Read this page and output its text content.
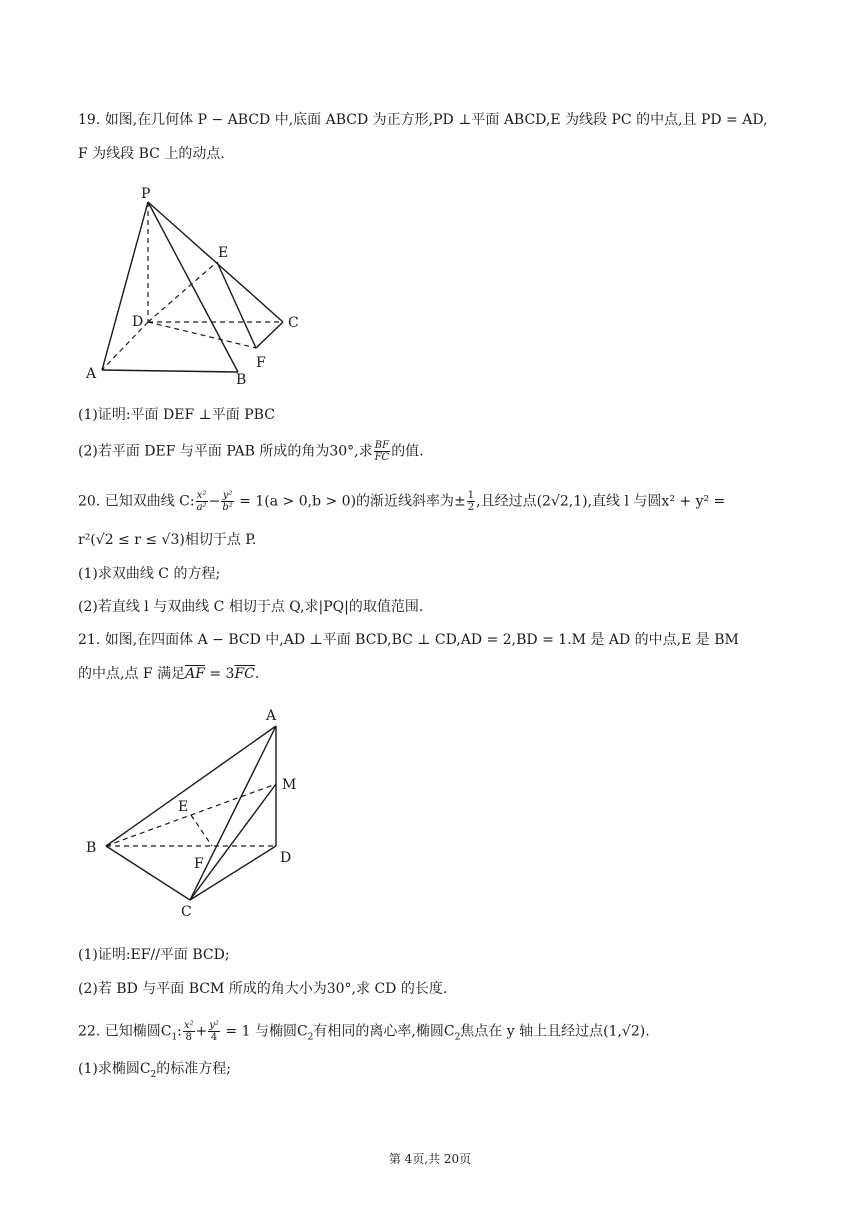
19. 如图,在几何体 P − ABCD 中,底面 ABCD 为正方形,PD ⊥平面 ABCD,E 为线段 PC 的中点,且 PD = AD,
F 为线段 BC 上的动点.
P
E
D	C
A	B
F
(1)证明:平面 DEF ⊥平面 PBC
(2)若平面 DEF 与平面 PAB 所成的角为30°,求 $\frac{BF}{FC}$ 的值.
20. 已知双曲线 C: $\frac{\text{x²}}{\text{a²}} - \frac{\text{y²}}{\text{b²}} = 1(a > 0,b > 0)$的渐近线斜率为± $\frac{1}{2}$ ,且经过点(2√2,1),直线 l 与圆x² + y² =
r²(√2 ≤ r ≤ √3)相切于点 P.
(1)求双曲线 C 的方程;
(2)若直线 l 与双曲线 C 相切于点 Q,求|PQ|的取值范围.
21. 如图,在四面体 A − BCD 中,AD ⊥平面 BCD,BC ⊥ CD,AD = 2,BD = 1.M 是 AD 的中点,E 是 BM
的中点,点 F 满足$\overline{AF} = 3\overline{FC}$.
A
M
E
B
F	D
C
(1)证明:EF//平面 BCD;
(2)若 BD 与平面 BCM 所成的角大小为30°,求 CD 的长度.
22. 已知椭圆$C_1$: $\frac{\text{x²}}{8} + \frac{\text{y²}}{4} = 1$ 与椭圆$C_2$有相同的离心率,椭圆$C_2$焦点在 y 轴上且经过点(1,√2).
(1)求椭圆$C_2$的标准方程;
第 4页,共 20页
